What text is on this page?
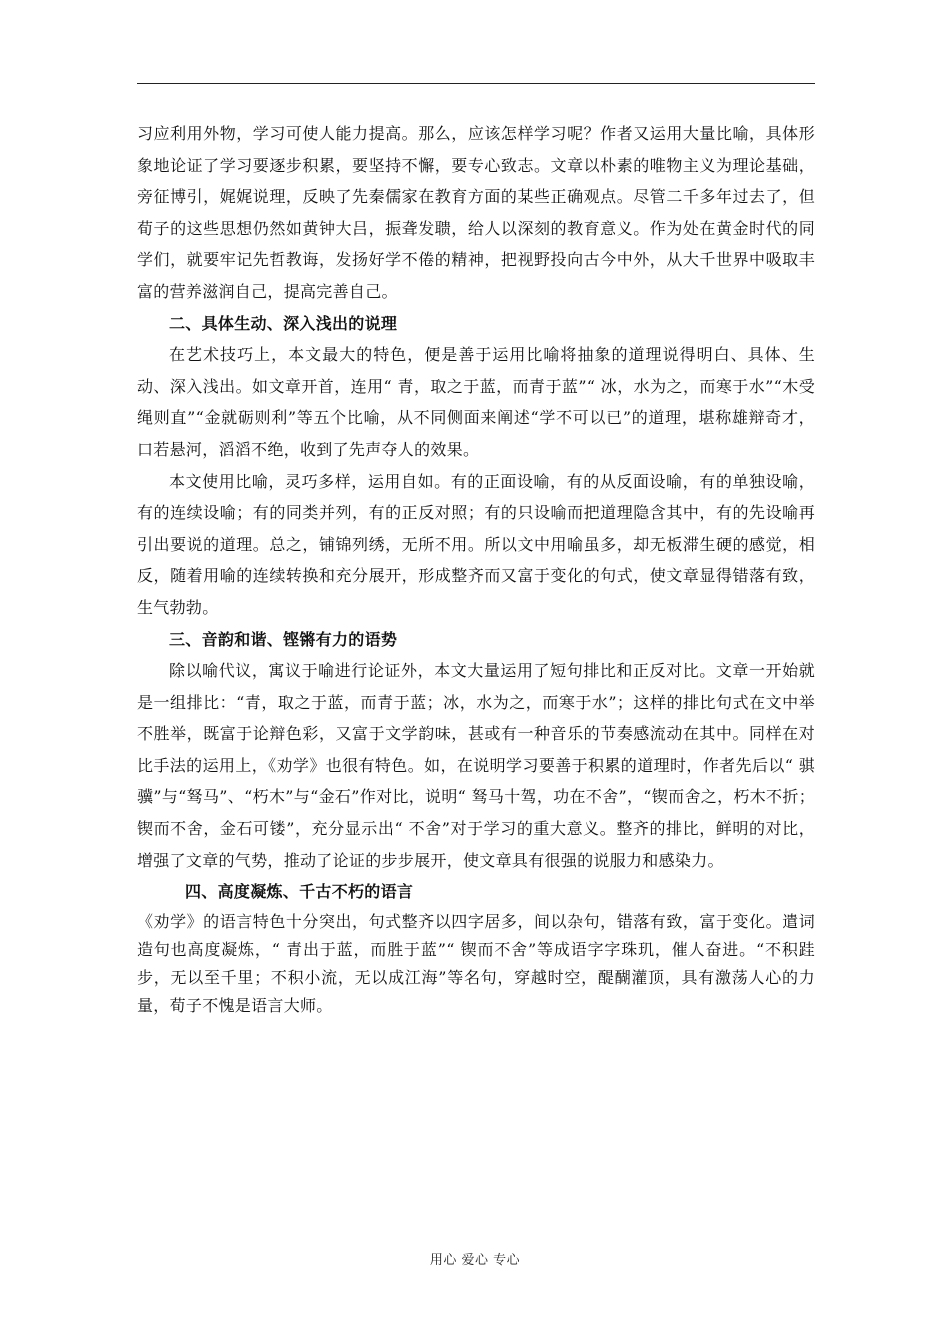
习应利用外物，学习可使人能力提高。那么，应该怎样学习呢？作者又运用大量比喻，具体形象地论证了学习要逐步积累，要坚持不懈，要专心致志。文章以朴素的唯物主义为理论基础，旁征博引，娓娓说理，反映了先秦儒家在教育方面的某些正确观点。尽管二千多年过去了，但荀子的这些思想仍然如黄钟大吕，振聋发聩，给人以深刻的教育意义。作为处在黄金时代的同学们，就要牢记先哲教诲，发扬好学不倦的精神，把视野投向古今中外，从大千世界中吸取丰富的营养滋润自己，提高完善自己。

二、具体生动、深入浅出的说理

在艺术技巧上，本文最大的特色，便是善于运用比喻将抽象的道理说得明白、具体、生动、深入浅出。如文章开首，连用“ 青，取之于蓝，而青于蓝”“ 冰，水为之，而寒于水”“木受绳则直”“金就砺则利”等五个比喻，从不同侧面来阐述“学不可以已”的道理，堪称雄辩奇才，口若悬河，滔滔不绝，收到了先声夺人的效果。

本文使用比喻，灵巧多样，运用自如。有的正面设喻，有的从反面设喻，有的单独设喻，有的连续设喻；有的同类并列，有的正反对照；有的只设喻而把道理隐含其中，有的先设喻再引出要说的道理。总之，铺锦列绣，无所不用。所以文中用喻虽多，却无板滞生硬的感觉，相反，随着用喻的连续转换和充分展开，形成整齐而又富于变化的句式，使文章显得错落有致，生气勃勃。

三、音韵和谐、铿锵有力的语势

除以喻代议，寓议于喻进行论证外，本文大量运用了短句排比和正反对比。文章一开始就是一组排比：“青，取之于蓝，而青于蓝；冰，水为之，而寒于水”；这样的排比句式在文中举不胜举，既富于论辩色彩，又富于文学韵味，甚或有一种音乐的节奏感流动在其中。同样在对比手法的运用上，《劝学》也很有特色。如，在说明学习要善于积累的道理时，作者先后以“ 骐骥”与“驽马”、“朽木”与“金石”作对比，说明“ 驽马十驾，功在不舍”，“锲而舍之，朽木不折；锲而不舍，金石可镂”，充分显示出“ 不舍”对于学习的重大意义。整齐的排比，鲜明的对比，增强了文章的气势，推动了论证的步步展开，使文章具有很强的说服力和感染力。

四、高度凝炼、千古不朽的语言

《劝学》的语言特色十分突出，句式整齐以四字居多，间以杂句，错落有致，富于变化。遣词造句也高度凝炼，“ 青出于蓝，而胜于蓝”“ 锲而不舍”等成语字字珠玑，催人奋进。“不积跬步，无以至千里；不积小流，无以成江海”等名句，穿越时空，醍醐灌顶，具有激荡人心的力量，荀子不愧是语言大师。

用心 爱心 专心
